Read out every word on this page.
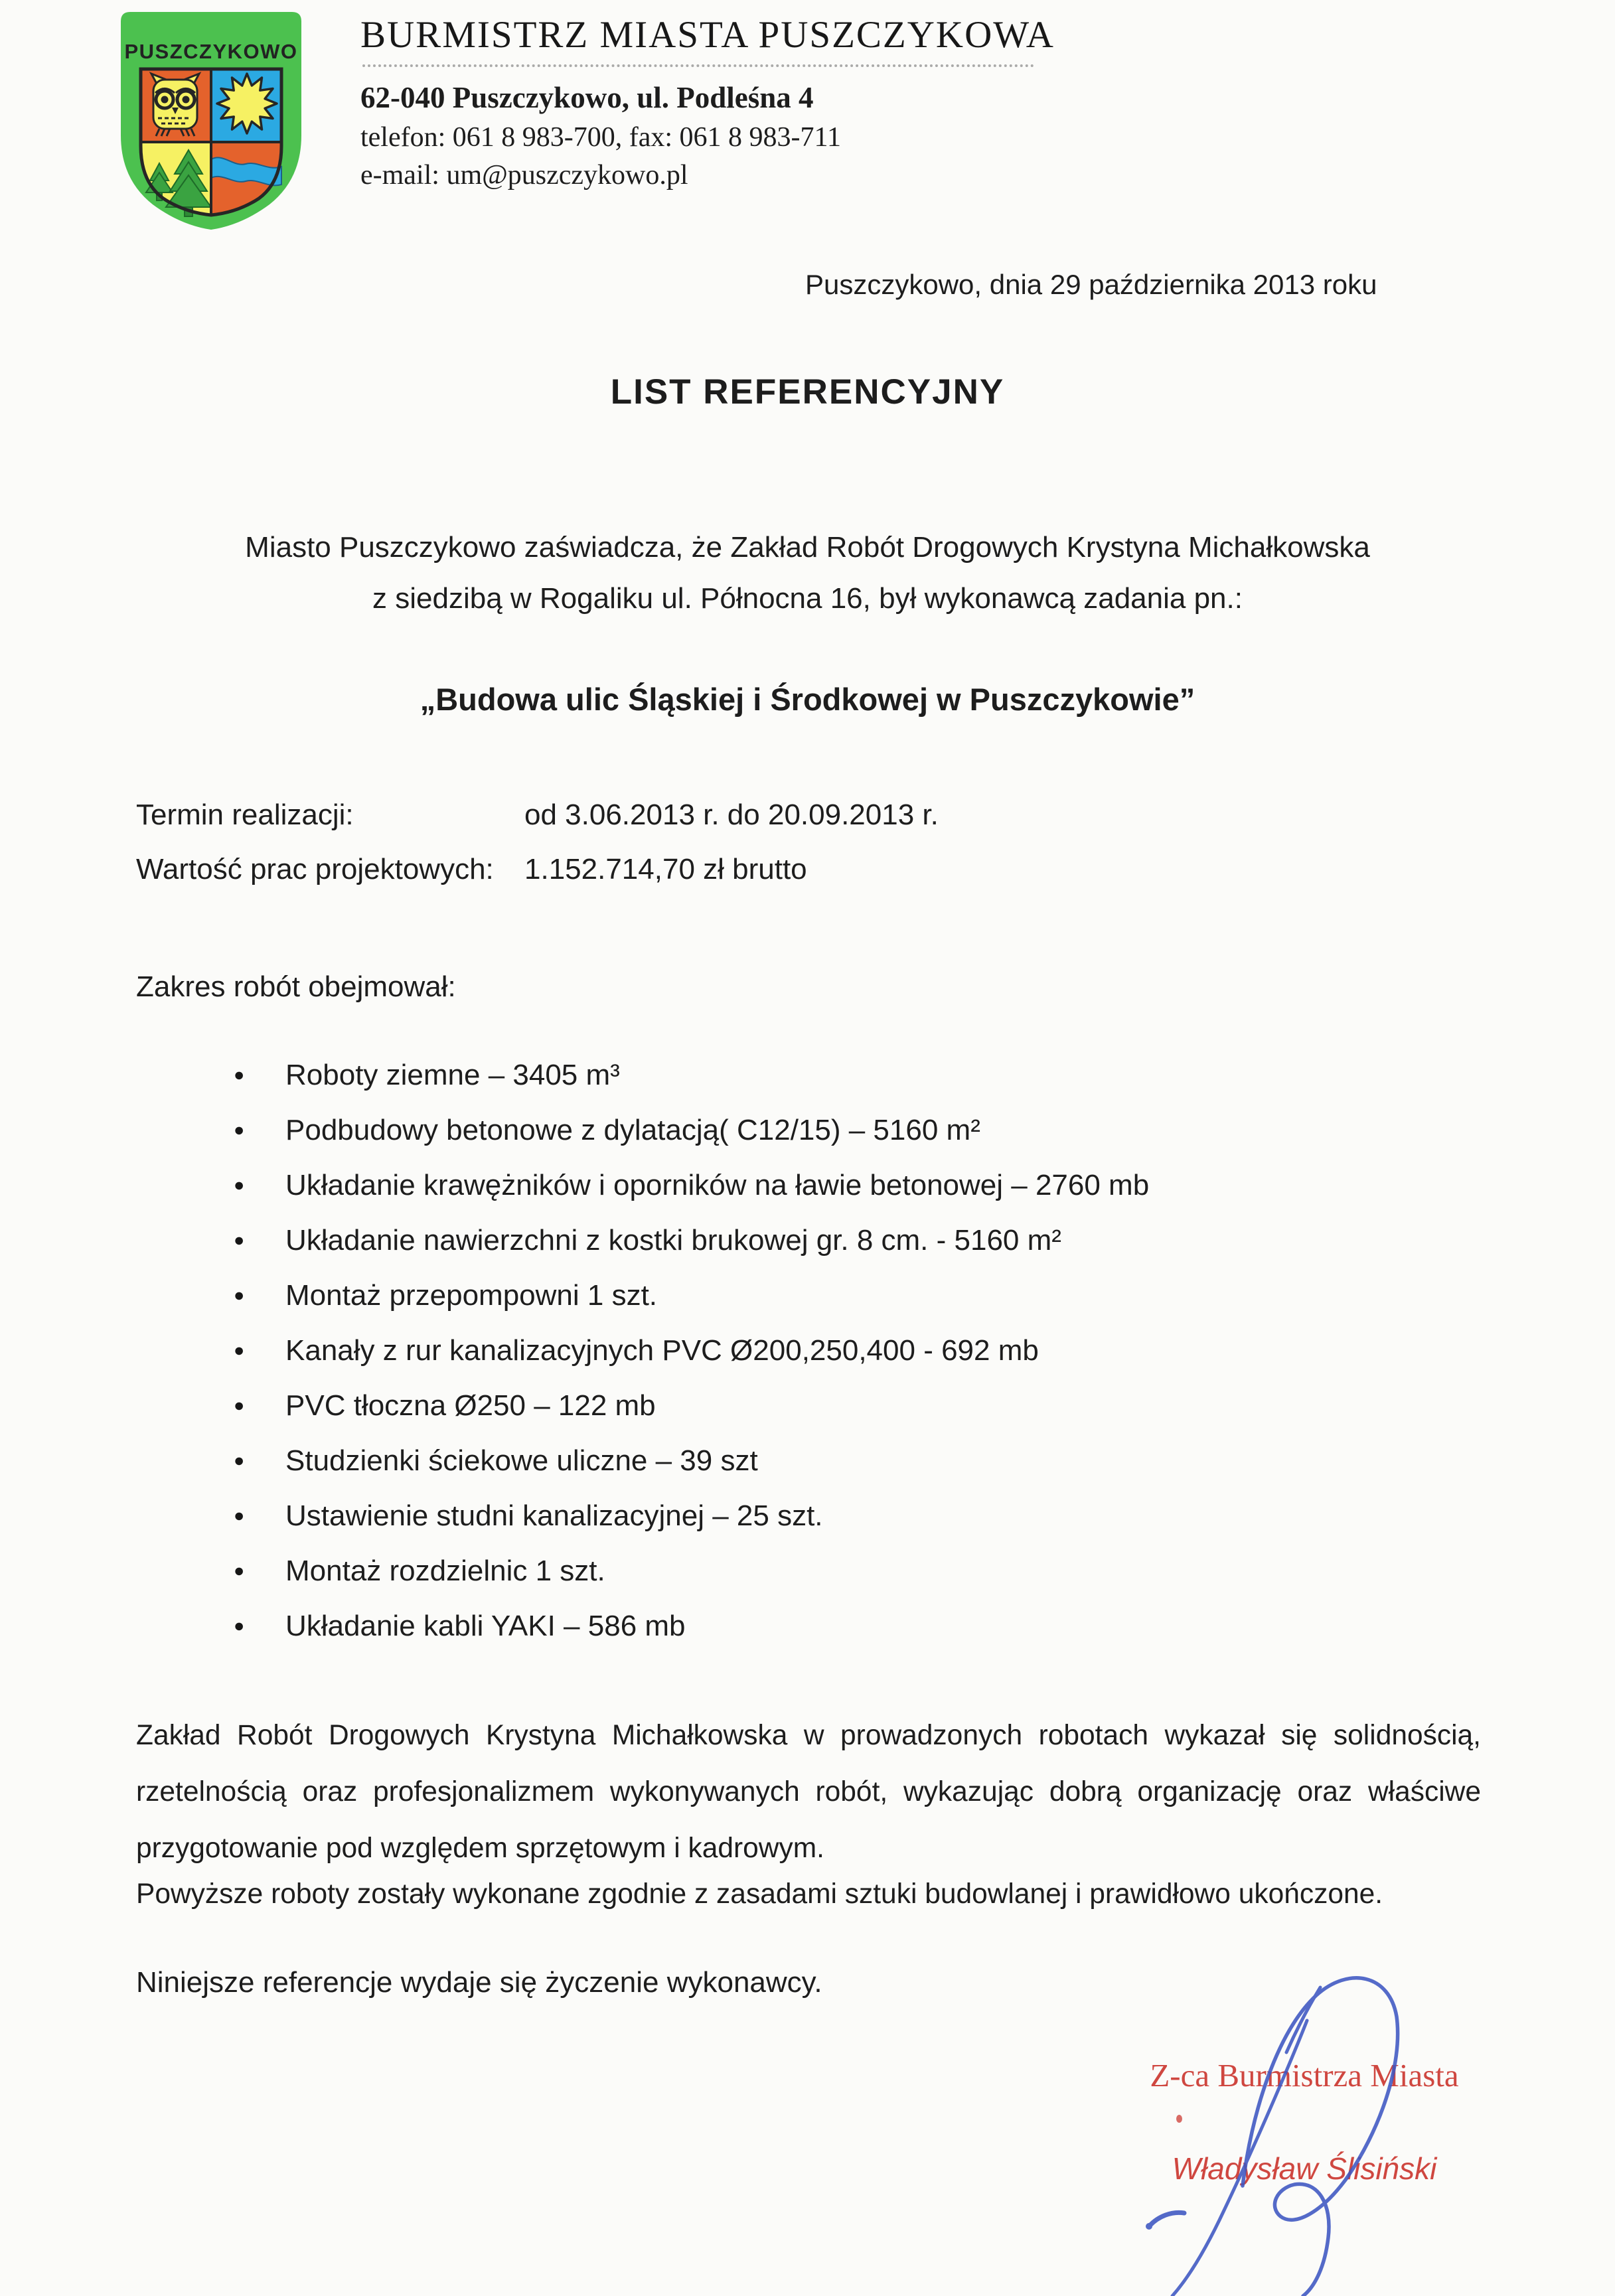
PUSZCZYKOWO BURMISTRZ MIASTA PUSZCZYKOWA
62-040 Puszczykowo, ul. Podleśna 4
telefon: 061 8 983-700, fax: 061 8 983-711
e-mail: um@puszczykowo.pl
Puszczykowo, dnia 29 października 2013 roku
LIST REFERENCYJNY
Miasto Puszczykowo zaświadcza, że Zakład Robót Drogowych Krystyna Michałkowska
z siedzibą w Rogaliku ul. Północna 16, był wykonawcą zadania pn.:
„Budowa ulic Śląskiej i Środkowej w Puszczykowie”
Termin realizacji:	od 3.06.2013 r. do 20.09.2013 r.
Wartość prac projektowych:	1.152.714,70 zł brutto
Zakres robót obejmował:
●	Roboty ziemne – 3405 m³
●	Podbudowy betonowe z dylatacją( C12/15) – 5160 m²
●	Układanie krawężników i oporników na ławie betonowej – 2760 mb
●	Układanie nawierzchni z kostki brukowej gr. 8 cm. - 5160 m²
●	Montaż przepompowni 1 szt.
●	Kanały z rur kanalizacyjnych PVC Ø200,250,400 - 692 mb
●	PVC tłoczna Ø250 – 122 mb
●	Studzienki ściekowe uliczne – 39 szt
●	Ustawienie studni kanalizacyjnej – 25 szt.
●	Montaż rozdzielnic 1 szt.
●	Układanie kabli YAKI – 586 mb
Zakład Robót Drogowych Krystyna Michałkowska w prowadzonych robotach wykazał się solidnością, rzetelnością oraz profesjonalizmem wykonywanych robót, wykazując dobrą organizację oraz właściwe przygotowanie pod względem sprzętowym i kadrowym.
Powyższe roboty zostały wykonane zgodnie z zasadami sztuki budowlanej i prawidłowo ukończone.
Niniejsze referencje wydaje się życzenie wykonawcy.
Z-ca Burmistrza Miasta
Władysław Ślisiński
